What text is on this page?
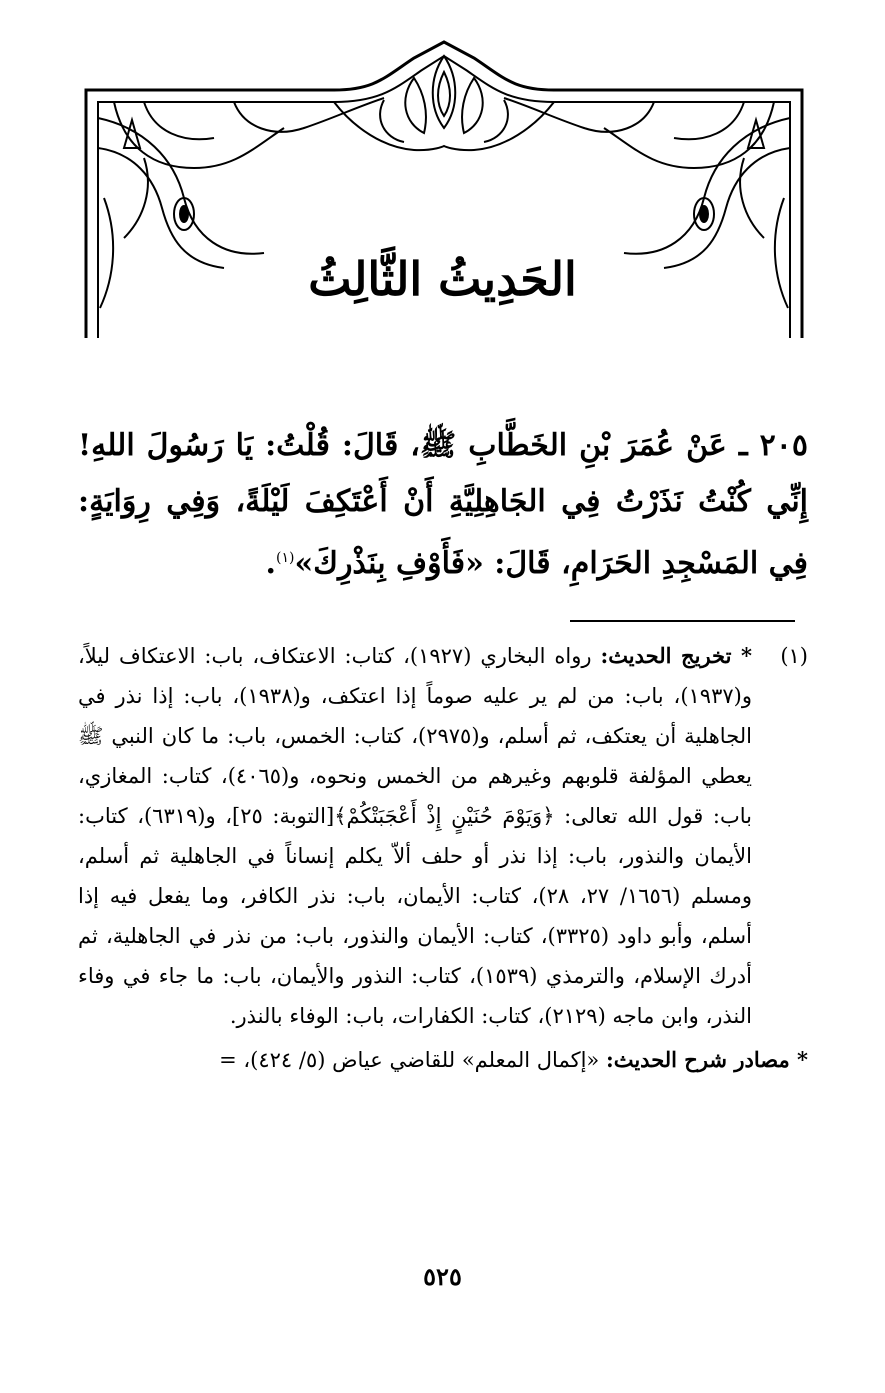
الحَدِيثُ الثَّالِثُ
٢٠٥ ـ عَنْ عُمَرَ بْنِ الخَطَّابِ ﷺ، قَالَ: قُلْتُ: يَا رَسُولَ اللهِ! إِنِّي كُنْتُ نَذَرْتُ فِي الجَاهِلِيَّةِ أَنْ أَعْتَكِفَ لَيْلَةً، وَفِي رِوَايَةٍ: فِي المَسْجِدِ الحَرَامِ، قَالَ: «فَأَوْفِ بِنَذْرِكَ»$^{(١)}$.
(١)
* تخريج الحديث: رواه البخاري (١٩٢٧)، كتاب: الاعتكاف، باب: الاعتكاف ليلاً، و(١٩٣٧)، باب: من لم ير عليه صوماً إذا اعتكف، و(١٩٣٨)، باب: إذا نذر في الجاهلية أن يعتكف، ثم أسلم، و(٢٩٧٥)، كتاب: الخمس، باب: ما كان النبي ﷺ يعطي المؤلفة قلوبهم وغيرهم من الخمس ونحوه، و(٤٠٦٥)، كتاب: المغازي، باب: قول الله تعالى: ﴿وَيَوْمَ حُنَيْنٍ إِذْ أَعْجَبَتْكُمْ﴾[التوبة: ٢٥]، و(٦٣١٩)، كتاب: الأيمان والنذور، باب: إذا نذر أو حلف ألاّ يكلم إنساناً في الجاهلية ثم أسلم، ومسلم (١٦٥٦/ ٢٧، ٢٨)، كتاب: الأيمان، باب: نذر الكافر، وما يفعل فيه إذا أسلم، وأبو داود (٣٣٢٥)، كتاب: الأيمان والنذور، باب: من نذر في الجاهلية، ثم أدرك الإسلام، والترمذي (١٥٣٩)، كتاب: النذور والأيمان، باب: ما جاء في وفاء النذر، وابن ماجه (٢١٢٩)، كتاب: الكفارات، باب: الوفاء بالنذر.
* مصادر شرح الحديث: «إكمال المعلم» للقاضي عياض (٥/ ٤٢٤)، =
٥٢٥
